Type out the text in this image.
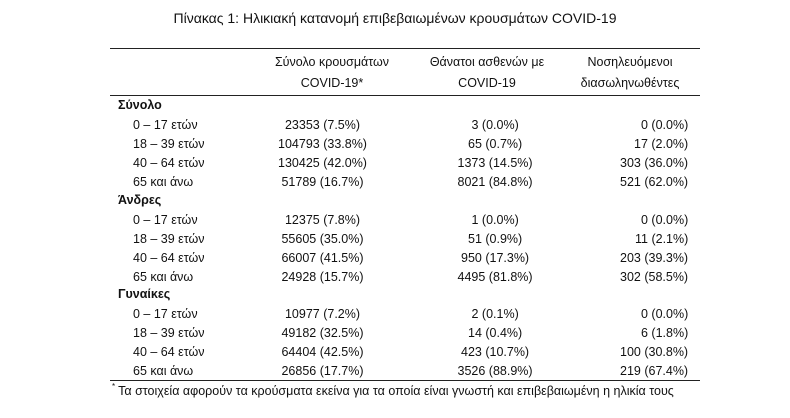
Πίνακας 1: Ηλικιακή κατανομή επιβεβαιωμένων κρουσμάτων COVID-19
Σύνολο κρουσμάτων
COVID-19*
Θάνατοι ασθενών με
COVID-19
Νοσηλευόμενοι
διασωληνωθέντες
Σύνολο
0 – 17 ετών	23353 (7.5%)	3 (0.0%)	0 (0.0%)
18 – 39 ετών	104793 (33.8%)	65 (0.7%)	17 (2.0%)
40 – 64 ετών	130425 (42.0%)	1373 (14.5%)	303 (36.0%)
65 και άνω	51789 (16.7%)	8021 (84.8%)	521 (62.0%)
Άνδρες
0 – 17 ετών	12375 (7.8%)	1 (0.0%)	0 (0.0%)
18 – 39 ετών	55605 (35.0%)	51 (0.9%)	11 (2.1%)
40 – 64 ετών	66007 (41.5%)	950 (17.3%)	203 (39.3%)
65 και άνω	24928 (15.7%)	4495 (81.8%)	302 (58.5%)
Γυναίκες
0 – 17 ετών	10977 (7.2%)	2 (0.1%)	0 (0.0%)
18 – 39 ετών	49182 (32.5%)	14 (0.4%)	6 (1.8%)
40 – 64 ετών	64404 (42.5%)	423 (10.7%)	100 (30.8%)
65 και άνω	26856 (17.7%)	3526 (88.9%)	219 (67.4%)
* Τα στοιχεία αφορούν τα κρούσματα εκείνα για τα οποία είναι γνωστή και επιβεβαιωμένη η ηλικία τους
